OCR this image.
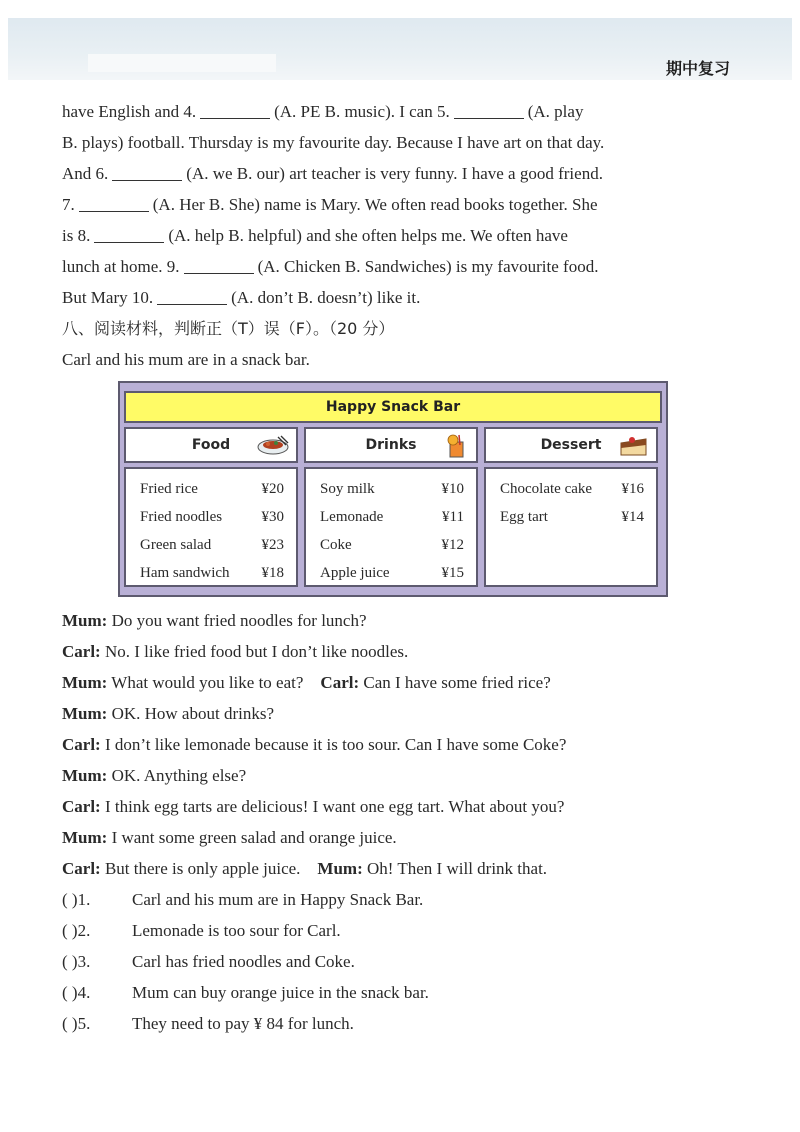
期中复习

have English and 4.	(A. PE B. music). I can 5.	(A. play
B. plays) football. Thursday is my favourite day. Because I have art on that day.
And 6.	(A. we B. our) art teacher is very funny. I have a good friend.
7.	(A. Her B. She) name is Mary. We often read books together. She
is 8.	(A. help B. helpful) and she often helps me. We often have
lunch at home. 9.	(A. Chicken B. Sandwiches) is my favourite food.
But Mary 10.	(A. don’t B. doesn’t) like it.

八、阅读材料，判断正（T）误（F）。（20 分）

Carl and his mum are in a snack bar.

Happy Snack Bar
Food	Drinks	Dessert
Fried rice	¥20
Fried noodles	¥30
Green salad	¥23
Ham sandwich ¥18
Soy milk	¥10
Lemonade	¥11
Coke	¥12
Apple juice	¥15
Chocolate cake ¥16
Egg tart	¥14

Mum: Do you want fried noodles for lunch?

Carl: No. I like fried food but I don’t like noodles.

Mum: What would you like to eat? Carl: Can I have some fried rice?

Mum: OK. How about drinks?

Carl: I don’t like lemonade because it is too sour. Can I have some Coke?

Mum: OK. Anything else?

Carl: I think egg tarts are delicious! I want one egg tart. What about you?

Mum: I want some green salad and orange juice.

Carl: But there is only apple juice. Mum: Oh! Then I will drink that.

( )1. Carl and his mum are in Happy Snack Bar.

( )2. Lemonade is too sour for Carl.

( )3. Carl has fried noodles and Coke.

( )4. Mum can buy orange juice in the snack bar.

( )5. They need to pay ¥ 84 for lunch.
